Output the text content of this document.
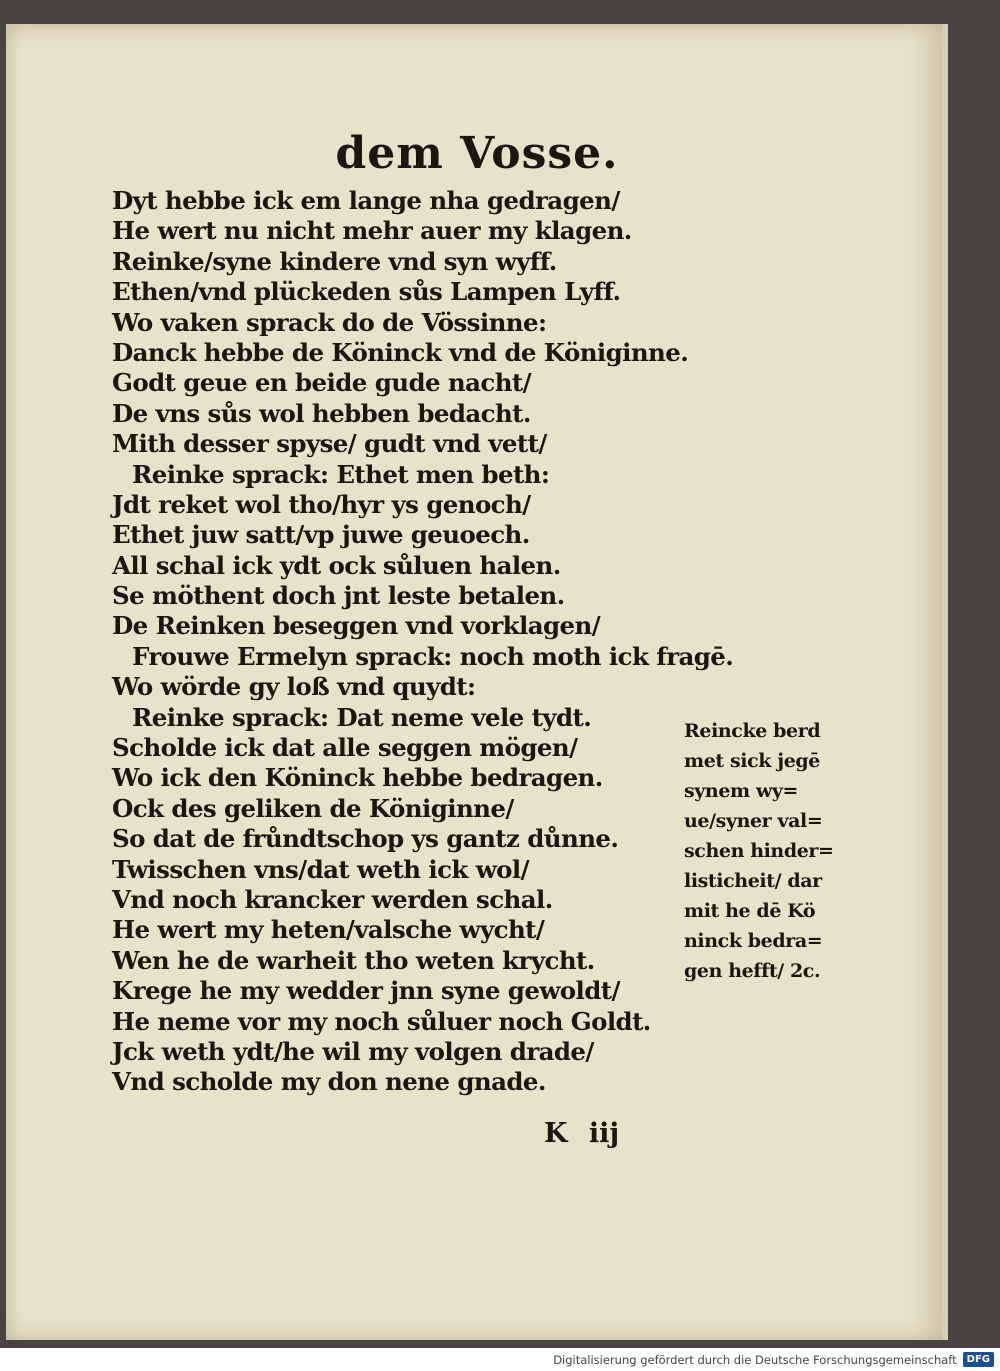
dem Vosse.
Dyt hebbe ick em lange nha gedragen/
He wert nu nicht mehr auer my klagen.
Reinke/syne kindere vnd syn wyff.
Ethen/vnd plückeden sůs Lampen Lyff.
Wo vaken sprack do de Vössinne:
Danck hebbe de Köninck vnd de Königinne.
Godt geue en beide gude nacht/
De vns sůs wol hebben bedacht.
Mith desser spyse/ gudt vnd vett/
Reinke sprack: Ethet men beth:
Jdt reket wol tho/hyr ys genoch/
Ethet juw satt/vp juwe geuoech.
All schal ick ydt ock sůluen halen.
Se möthent doch jnt leste betalen.
De Reinken beseggen vnd vorklagen/
Frouwe Ermelyn sprack: noch moth ick fragē.
Wo wörde gy loß vnd quydt:
Reinke sprack: Dat neme vele tydt.
Scholde ick dat alle seggen mögen/
Wo ick den Köninck hebbe bedragen.
Ock des geliken de Königinne/
So dat de frůndtschop ys gantz důnne.
Twisschen vns/dat weth ick wol/
Vnd noch krancker werden schal.
He wert my heten/valsche wycht/
Wen he de warheit tho weten krycht.
Krege he my wedder jnn syne gewoldt/
He neme vor my noch sůluer noch Goldt.
Jck weth ydt/he wil my volgen drade/
Vnd scholde my don nene gnade.
Reincke berd
met sick jegē
synem wy=
ue/syner val=
schen hinder=
listicheit/ dar
mit he dē Kö
ninck bedra=
gen hefft/ 2c.
K iij
Digitalisierung gefördert durch die Deutsche Forschungsgemeinschaft	DFG
